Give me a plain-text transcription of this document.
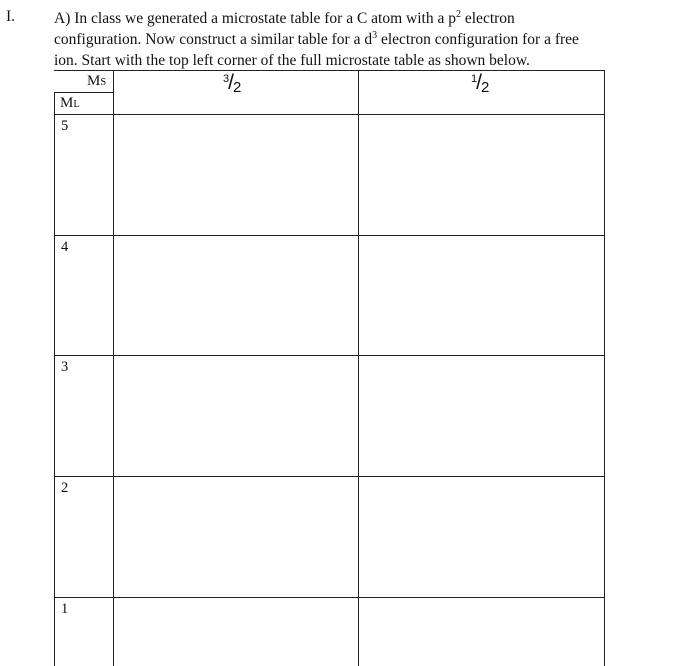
I.	A) In class we generated a microstate table for a C atom with a $p^2$ electron
configuration. Now construct a similar table for a $d^3$ electron configuration for a free
ion. Start with the top left corner of the full microstate table as shown below.
MS
ML
$^3$/2	$^1$/2
5
4
3
2
1
